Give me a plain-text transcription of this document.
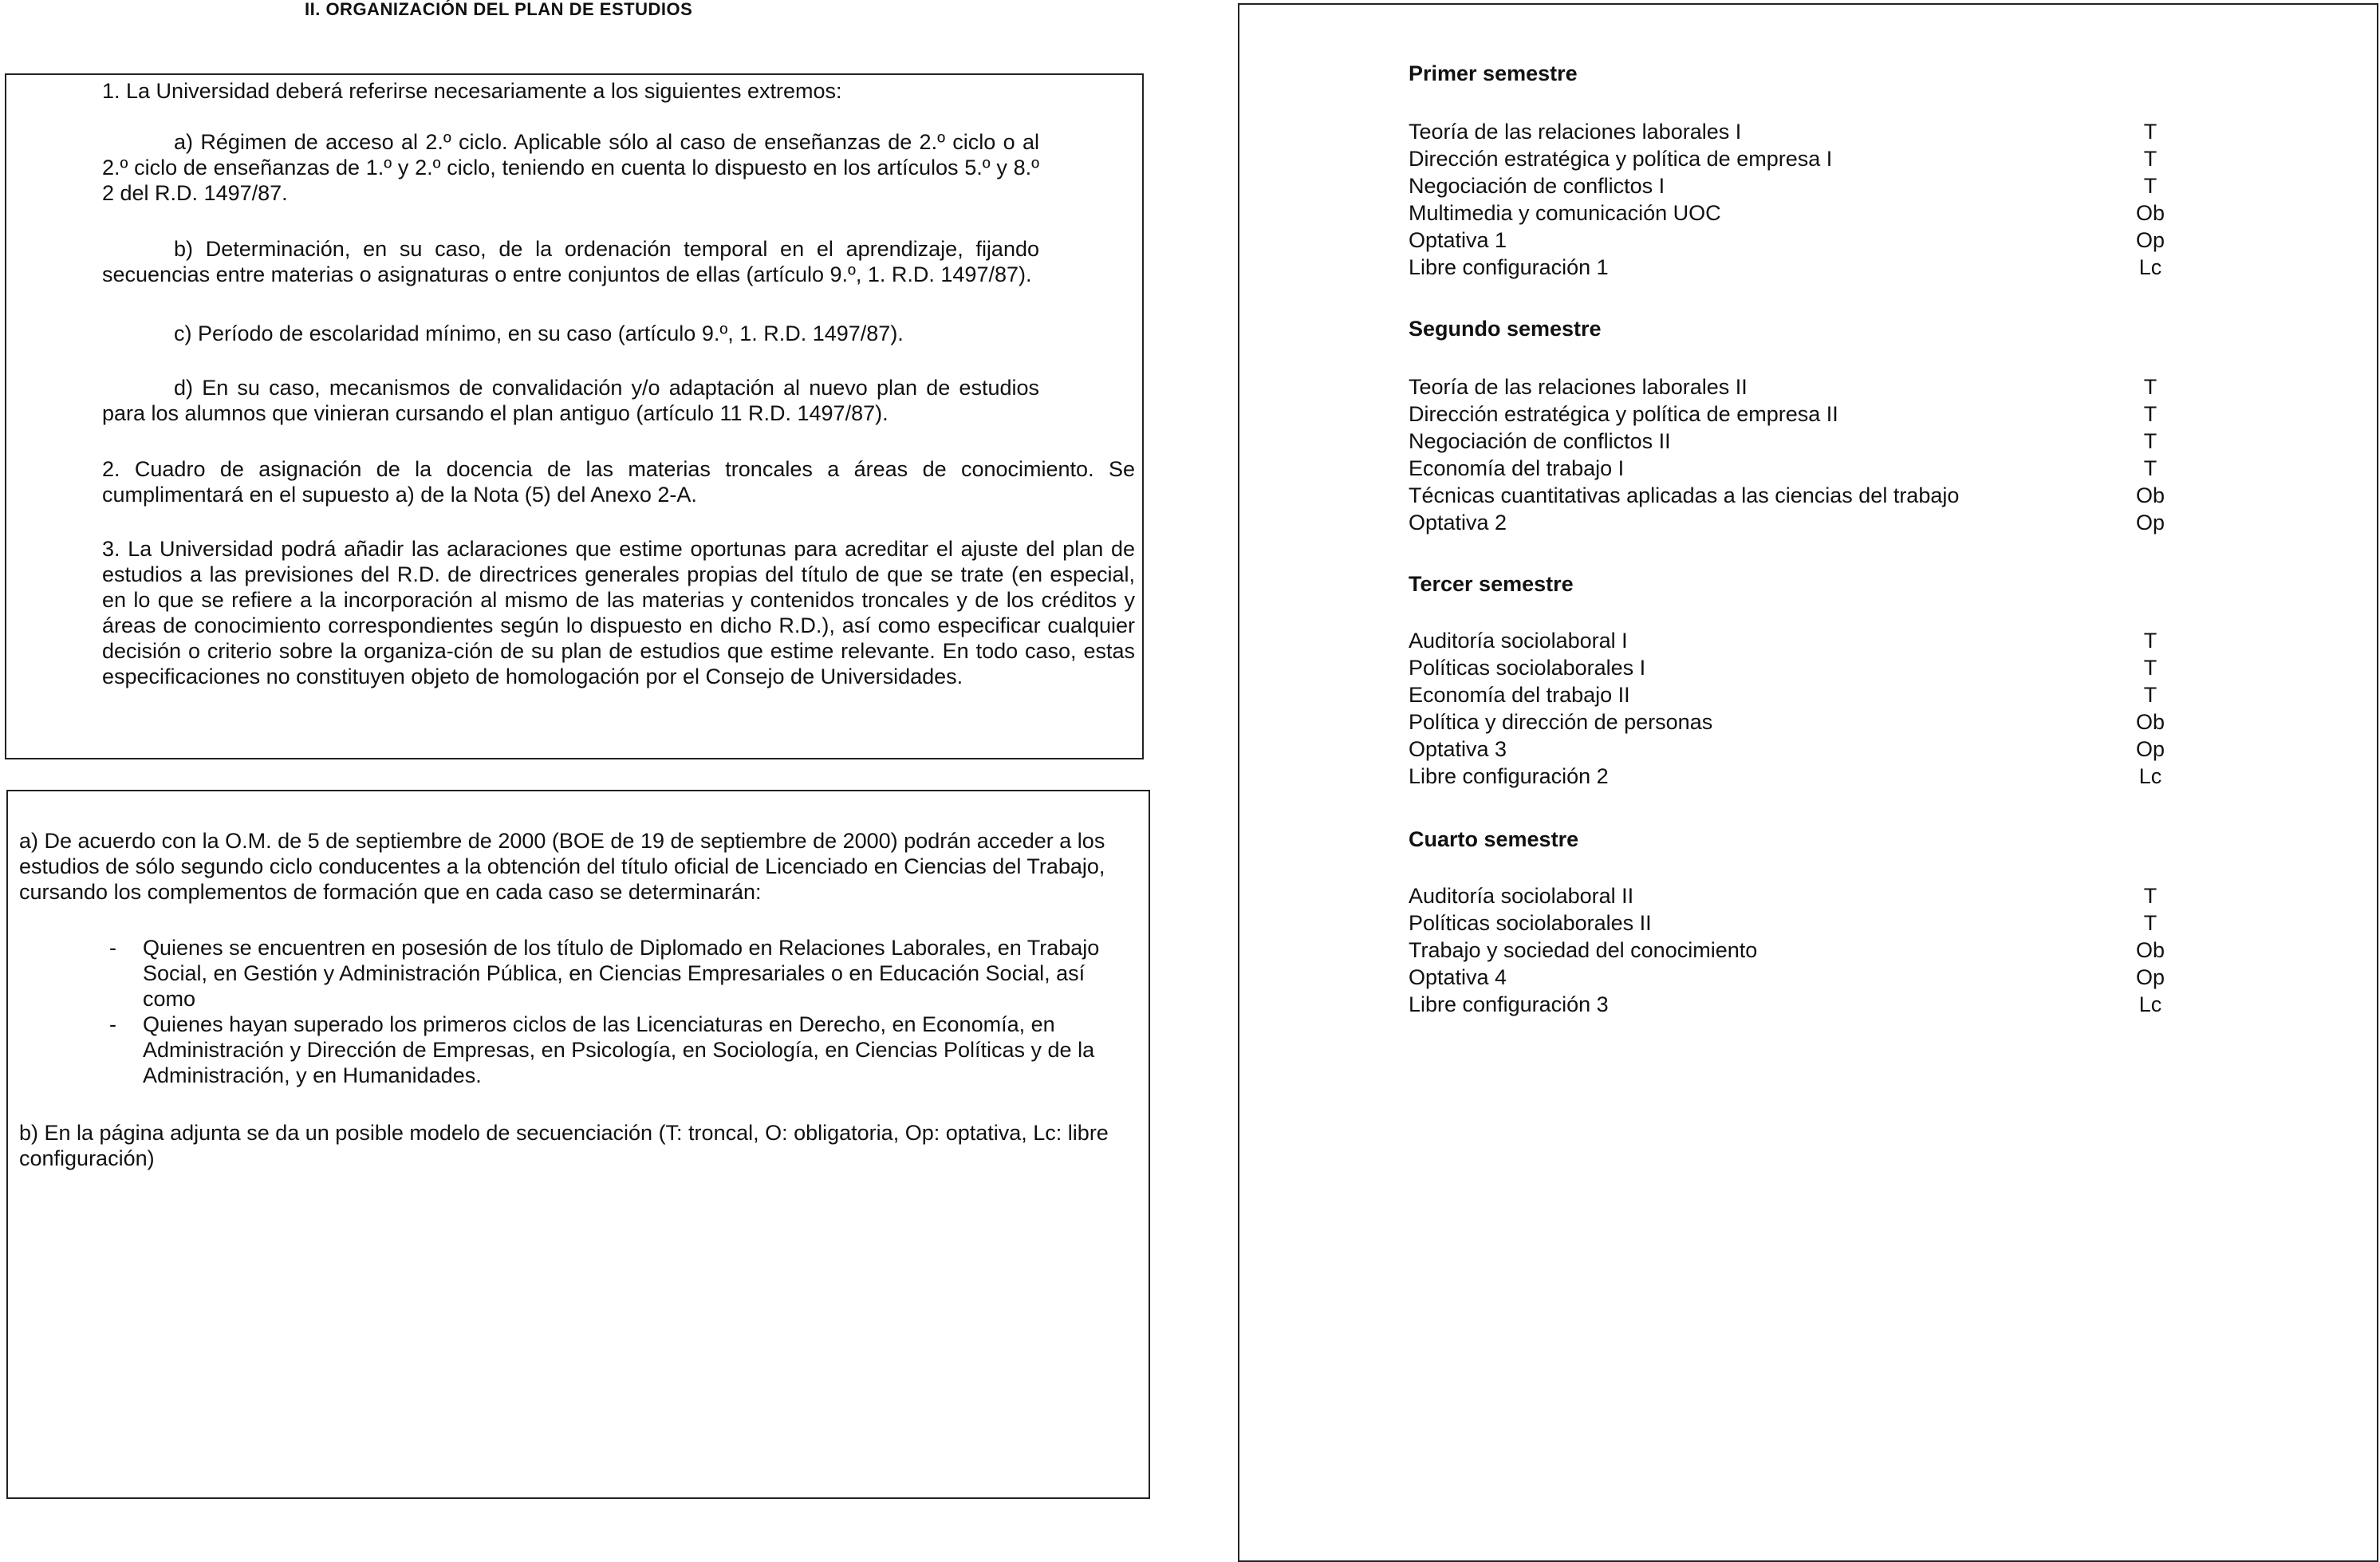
II. ORGANIZACIÓN DEL PLAN DE ESTUDIOS
1. La Universidad deberá referirse necesariamente a los siguientes extremos:
a) Régimen de acceso al 2.º ciclo. Aplicable sólo al caso de enseñanzas de 2.º ciclo o al 2.º ciclo de enseñanzas de 1.º y 2.º ciclo, teniendo en cuenta lo dispuesto en los artículos 5.º y 8.º 2 del R.D. 1497/87.
b) Determinación, en su caso, de la ordenación temporal en el aprendizaje, fijando secuencias entre materias o asignaturas o entre conjuntos de ellas (artículo 9.º, 1. R.D. 1497/87).
c) Período de escolaridad mínimo, en su caso (artículo 9.º, 1. R.D. 1497/87).
d) En su caso, mecanismos de convalidación y/o adaptación al nuevo plan de estudios para los alumnos que vinieran cursando el plan antiguo (artículo 11 R.D. 1497/87).
2. Cuadro de asignación de la docencia de las materias troncales a áreas de conocimiento. Se cumplimentará en el supuesto a) de la Nota (5) del Anexo 2-A.
3. La Universidad podrá añadir las aclaraciones que estime oportunas para acreditar el ajuste del plan de estudios a las previsiones del R.D. de directrices generales propias del título de que se trate (en especial, en lo que se refiere a la incorporación al mismo de las materias y contenidos troncales y de los créditos y áreas de conocimiento correspondientes según lo dispuesto en dicho R.D.), así como especificar cualquier decisión o criterio sobre la organiza-ción de su plan de estudios que estime relevante. En todo caso, estas especificaciones no constituyen objeto de homologación por el Consejo de Universidades.
a) De acuerdo con la O.M. de 5 de septiembre de 2000 (BOE de 19 de septiembre de 2000) podrán acceder a los estudios de sólo segundo ciclo conducentes a la obtención del título oficial de Licenciado en Ciencias del Trabajo, cursando los complementos de formación que en cada caso se determinarán:
- Quienes se encuentren en posesión de los título de Diplomado en Relaciones Laborales, en Trabajo Social, en Gestión y Administración Pública, en Ciencias Empresariales o en Educación Social, así como
- Quienes hayan superado los primeros ciclos de las Licenciaturas en Derecho, en Economía, en Administración y Dirección de Empresas, en Psicología, en Sociología, en Ciencias Políticas y de la Administración, y en Humanidades.
b) En la página adjunta se da un posible modelo de secuenciación (T: troncal, O: obligatoria, Op: optativa, Lc: libre configuración)
Primer semestre
Teoría de las relaciones laborales I	T
Dirección estratégica y política de empresa I	T
Negociación de conflictos I	T
Multimedia y comunicación UOC	Ob
Optativa 1	Op
Libre configuración 1	Lc
Segundo semestre
Teoría de las relaciones laborales II	T
Dirección estratégica y política de empresa II	T
Negociación de conflictos II	T
Economía del trabajo I	T
Técnicas cuantitativas aplicadas a las ciencias del trabajo	Ob
Optativa 2	Op
Tercer semestre
Auditoría sociolaboral I	T
Políticas sociolaborales I	T
Economía del trabajo II	T
Política y dirección de personas	Ob
Optativa 3	Op
Libre configuración 2	Lc
Cuarto semestre
Auditoría sociolaboral II	T
Políticas sociolaborales II	T
Trabajo y sociedad del conocimiento	Ob
Optativa 4	Op
Libre configuración 3	Lc
